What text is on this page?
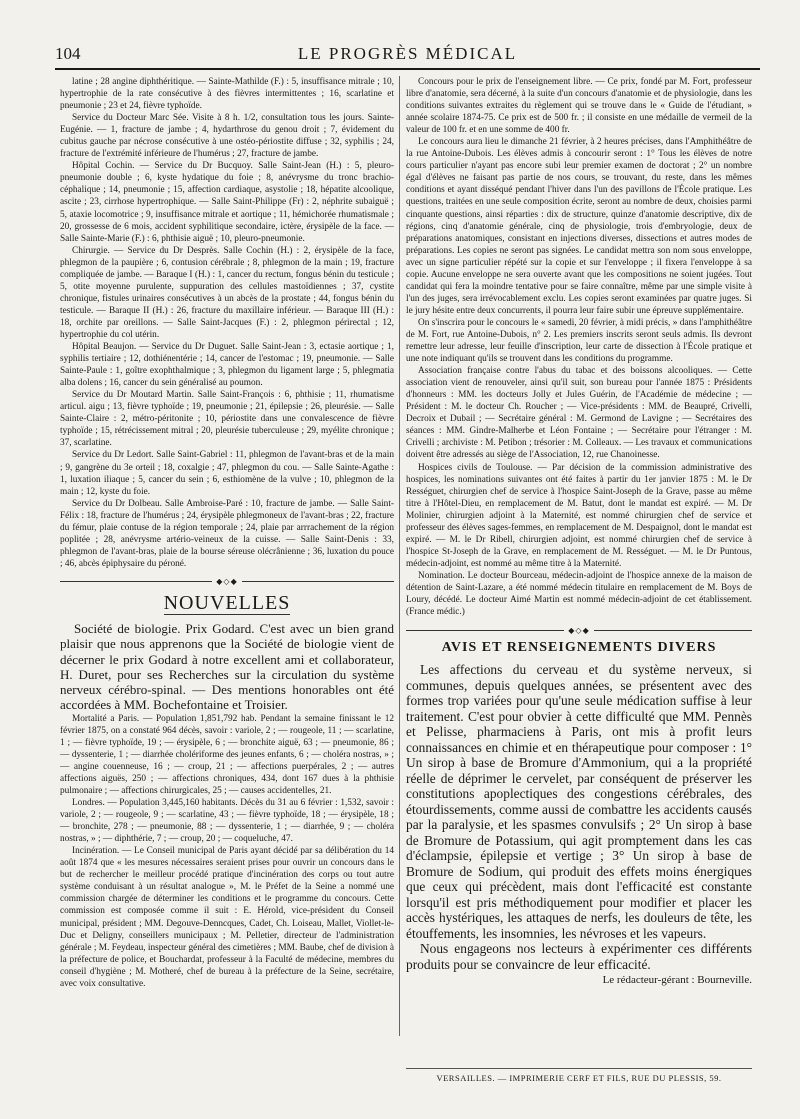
104	LE PROGRÈS MÉDICAL

latine ; 28 angine diphthéritique. — Sainte-Mathilde (F.) : 5, insuffisance mitrale ; 10, hypertrophie de la rate consécutive à des fièvres intermittentes ; 16, scarlatine et pneumonie ; 23 et 24, fièvre typhoïde.

Service du Docteur Marc Sée. Visite à 8 h. 1/2, consultation tous les jours. Sainte-Eugénie. — 1, fracture de jambe ; 4, hydarthrose du genou droit ; 7, évidement du cubitus gauche par nécrose consécutive à une ostéo-périostite diffuse ; 32, syphilis ; 24, fracture de l'extrémité inférieure de l'humérus ; 27, fracture de jambe.

Hôpital Cochin. — Service du Dr Bucquoy. Salle Saint-Jean (H.) : 5, pleuro-pneumonie double ; 6, kyste hydatique du foie ; 8, anévrysme du tronc brachio-céphalique ; 14, pneumonie ; 15, affection cardiaque, asystolie ; 18, hépatite alcoolique, ascite ; 23, cirrhose hypertrophique. — Salle Saint-Philippe (Fr) : 2, néphrite subaiguë ; 5, ataxie locomotrice ; 9, insuffisance mitrale et aortique ; 11, hémichorée rhumatismale ; 20, grossesse de 6 mois, accident syphilitique secondaire, ictère, érysipèle de la face. — Salle Sainte-Marie (F.) : 6, phthisie aiguë ; 10, pleuro-pneumonie.

Chirurgie. — Service du Dr Desprès. Salle Cochin (H.) : 2, érysipèle de la face, phlegmon de la paupière ; 6, contusion cérébrale ; 8, phlegmon de la main ; 19, fracture compliquée de jambe. — Baraque I (H.) : 1, cancer du rectum, fongus bénin du testicule ; 5, otite moyenne purulente, suppuration des cellules mastoïdiennes ; 37, cystite chronique, fistules urinaires consécutives à un abcès de la prostate ; 44, fongus bénin du testicule. — Baraque II (H.) : 26, fracture du maxillaire inférieur. — Baraque III (H.) : 18, orchite par oreillons. — Salle Saint-Jacques (F.) : 2, phlegmon périrectal ; 12, hypertrophie du col utérin.

Hôpital Beaujon. — Service du Dr Duguet. Salle Saint-Jean : 3, ectasie aortique ; 1, syphilis tertiaire ; 12, dothiénentérie ; 14, cancer de l'estomac ; 19, pneumonie. — Salle Sainte-Paule : 1, goître exophthalmique ; 3, phlegmon du ligament large ; 5, phlegmatia alba dolens ; 16, cancer du sein généralisé au poumon.

Service du Dr Moutard Martin. Salle Saint-François : 6, phthisie ; 11, rhumatisme articul. aigu ; 13, fièvre typhoïde ; 19, pneumonie ; 21, épilepsie ; 26, pleurésie. — Salle Sainte-Claire : 2, métro-péritonite ; 10, périostite dans une convalescence de fièvre typhoïde ; 15, rétrécissement mitral ; 20, pleurésie tuberculeuse ; 29, myélite chronique ; 37, scarlatine.

Service du Dr Ledort. Salle Saint-Gabriel : 11, phlegmon de l'avant-bras et de la main ; 9, gangrène du 3e orteil ; 18, coxalgie ; 47, phlegmon du cou. — Salle Sainte-Agathe : 1, luxation iliaque ; 5, cancer du sein ; 6, esthiomène de la vulve ; 10, phlegmon de la main ; 12, kyste du foie.

Service du Dr Dolbeau. Salle Ambroise-Paré : 10, fracture de jambe. — Salle Saint-Félix : 18, fracture de l'humérus ; 24, érysipèle phlegmoneux de l'avant-bras ; 22, fracture du fémur, plaie contuse de la région temporale ; 24, plaie par arrrachement de la région poplitée ; 28, anévrysme artério-veineux de la cuisse. — Salle Saint-Denis : 33, phlegmon de l'avant-bras, plaie de la bourse séreuse olécrânienne ; 36, luxation du pouce ; 46, abcès épiphysaire du péroné.

◆◇◆
NOUVELLES

Société de biologie. Prix Godard. C'est avec un bien grand plaisir que nous apprenons que la Société de biologie vient de décerner le prix Godard à notre excellent ami et collaborateur, H. Duret, pour ses Recherches sur la circulation du système nerveux cérébro-spinal. — Des mentions honorables ont été accordées à MM. Bochefontaine et Troisier.

Mortalité a Paris. — Population 1,851,792 hab. Pendant la semaine finissant le 12 février 1875, on a constaté 964 décès, savoir : variole, 2 ; — rougeole, 11 ; — scarlatine, 1 ; — fièvre typhoïde, 19 ; — érysipèle, 6 ; — bronchite aiguë, 63 ; — pneumonie, 86 ; — dyssenterie, 1 ; — diarrhée cholériforme des jeunes enfants, 6 ; — choléra nostras, » ; — angine couenneuse, 16 ; — croup, 21 ; — affections puerpérales, 2 ; — autres affections aiguës, 250 ; — affections chroniques, 434, dont 167 dues à la phthisie pulmonaire ; — affections chirurgicales, 25 ; — causes accidentelles, 21.

Londres. — Population 3,445,160 habitants. Décès du 31 au 6 février : 1,532, savoir : variole, 2 ; — rougeole, 9 ; — scarlatine, 43 ; — fièvre typhoïde, 18 ; — érysipèle, 18 ; — bronchite, 278 ; — pneumonie, 88 ; — dyssenterie, 1 ; — diarrhée, 9 ; — choléra nostras, » ; — diphthérie, 7 ; — croup, 20 ; — coqueluche, 47.

Incinération. — Le Conseil municipal de Paris ayant décidé par sa délibération du 14 août 1874 que « les mesures nécessaires seraient prises pour ouvrir un concours dans le but de rechercher le meilleur procédé pratique d'incinération des corps ou tout autre système conduisant à un résultat analogue », M. le Préfet de la Seine a nommé une commission chargée de déterminer les conditions et le programme du concours. Cette commission est composée comme il suit : E. Hérold, vice-président du Conseil municipal, président ; MM. Degouve-Denncques, Cadet, Ch. Loiseau, Mallet, Viollet-le-Duc et Deligny, conseillers municipaux ; M. Pelletier, directeur de l'administration générale ; M. Feydeau, inspecteur général des cimetières ; MM. Baube, chef de division à la préfecture de police, et Bouchardat, professeur à la Faculté de médecine, membres du conseil d'hygiène ; M. Motheré, chef de bureau à la préfecture de la Seine, secrétaire, avec voix consultative.

Concours pour le prix de l'enseignement libre. — Ce prix, fondé par M. Fort, professeur libre d'anatomie, sera décerné, à la suite d'un concours d'anatomie et de physiologie, dans les conditions suivantes extraites du règlement qui se trouve dans le « Guide de l'étudiant, » année scolaire 1874-75. Ce prix est de 500 fr. ; il consiste en une médaille de vermeil de la valeur de 100 fr. et en une somme de 400 fr.

Le concours aura lieu le dimanche 21 février, à 2 heures précises, dans l'Amphithéâtre de la rue Antoine-Dubois. Les élèves admis à concourir seront : 1° Tous les élèves de notre cours particulier n'ayant pas encore subi leur premier examen de doctorat ; 2° un nombre égal d'élèves ne faisant pas partie de nos cours, se trouvant, du reste, dans les mêmes conditions et ayant disséqué pendant l'hiver dans l'un des pavillons de l'École pratique. Les questions, traitées en une seule composition écrite, seront au nombre de deux, choisies parmi cinquante questions, ainsi réparties : dix de structure, quinze d'anatomie descriptive, dix de régions, cinq d'anatomie générale, cinq de physiologie, trois d'embryologie, deux de préparations anatomiques, consistant en injections diverses, dissections et autres modes de préparations. Les copies ne seront pas signées. Le candidat mettra son nom sous enveloppe, avec un signe particulier répété sur la copie et sur l'enveloppe ; il fixera l'enveloppe à sa copie. Aucune enveloppe ne sera ouverte avant que les compositions ne soient jugées. Tout candidat qui fera la moindre tentative pour se faire connaître, même par une simple visite à l'un des juges, sera irrévocablement exclu. Les copies seront examinées par quatre juges. Si le jury hésite entre deux concurrents, il pourra leur faire subir une épreuve supplémentaire.

On s'inscrira pour le concours le « samedi, 20 février, à midi précis, » dans l'amphithéâtre de M. Fort, rue Antoine-Dubois, n° 2. Les premiers inscrits seront seuls admis. Ils devront remettre leur adresse, leur feuille d'inscription, leur carte de dissection à l'École pratique et une note indiquant qu'ils se trouvent dans les conditions du programme.

Association française contre l'abus du tabac et des boissons alcooliques. — Cette association vient de renouveler, ainsi qu'il suit, son bureau pour l'année 1875 : Présidents d'honneurs : MM. les docteurs Jolly et Jules Guérin, de l'Académie de médecine ; — Président : M. le docteur Ch. Roucher ; — Vice-présidents : MM. de Beaupré, Crivelli, Decroix et Dubail ; — Secrétaire général : M. Germond de Lavigne ; — Secrétaires des séances : MM. Gindre-Malherbe et Léon Fontaine ; — Secrétaire pour l'étranger : M. Crivelli ; archiviste : M. Petibon ; trésorier : M. Colleaux. — Les travaux et communications doivent être adressés au siège de l'Association, 12, rue Chanoinesse.

Hospices civils de Toulouse. — Par décision de la commission administrative des hospices, les nominations suivantes ont été faites à partir du 1er janvier 1875 : M. le Dr Rességuet, chirurgien chef de service à l'hospice Saint-Joseph de la Grave, passe au même titre à l'Hôtel-Dieu, en remplacement de M. Batut, dont le mandat est expiré. — M. Dr Molinier, chirurgien adjoint à la Maternité, est nommé chirurgien chef de service et professeur des élèves sages-femmes, en remplacement de M. Despaignol, dont le mandat est expiré. — M. le Dr Ribell, chirurgien adjoint, est nommé chirurgien chef de service à l'hospice St-Joseph de la Grave, en remplacement de M. Rességuet. — M. le Dr Puntous, médecin-adjoint, est nommé au même titre à la Maternité.

Nomination. Le docteur Bourceau, médecin-adjoint de l'hospice annexe de la maison de détention de Saint-Lazare, a été nommé médecin titulaire en remplacement de M. Boys de Loury, décédé. Le docteur Aimé Martin est nommé médecin-adjoint de cet établissement. (France médic.)

◆◇◆
AVIS ET RENSEIGNEMENTS DIVERS

Les affections du cerveau et du système nerveux, si communes, depuis quelques années, se présentent avec des formes trop variées pour qu'une seule médication suffise à leur traitement. C'est pour obvier à cette difficulté que MM. Pennès et Pelisse, pharmaciens à Paris, ont mis à profit leurs connaissances en chimie et en thérapeutique pour composer : 1° Un sirop à base de Bromure d'Ammonium, qui a la propriété réelle de déprimer le cervelet, par conséquent de préserver les constitutions apoplectiques des congestions cérébrales, des étourdissements, comme aussi de combattre les accidents causés par la paralysie, et les spasmes convulsifs ; 2° Un sirop à base de Bromure de Potassium, qui agit promptement dans les cas d'éclampsie, épilepsie et vertige ; 3° Un sirop à base de Bromure de Sodium, qui produit des effets moins énergiques que ceux qui précèdent, mais dont l'efficacité est constante lorsqu'il est pris méthodiquement pour modifier et placer les accès hystériques, les attaques de nerfs, les douleurs de tête, les étouffements, les insomnies, les névroses et les vapeurs.

Nous engageons nos lecteurs à expérimenter ces différents produits pour se convaincre de leur efficacité.

Le rédacteur-gérant : Bourneville.
VERSAILLES. — IMPRIMERIE CERF ET FILS, RUE DU PLESSIS, 59.
